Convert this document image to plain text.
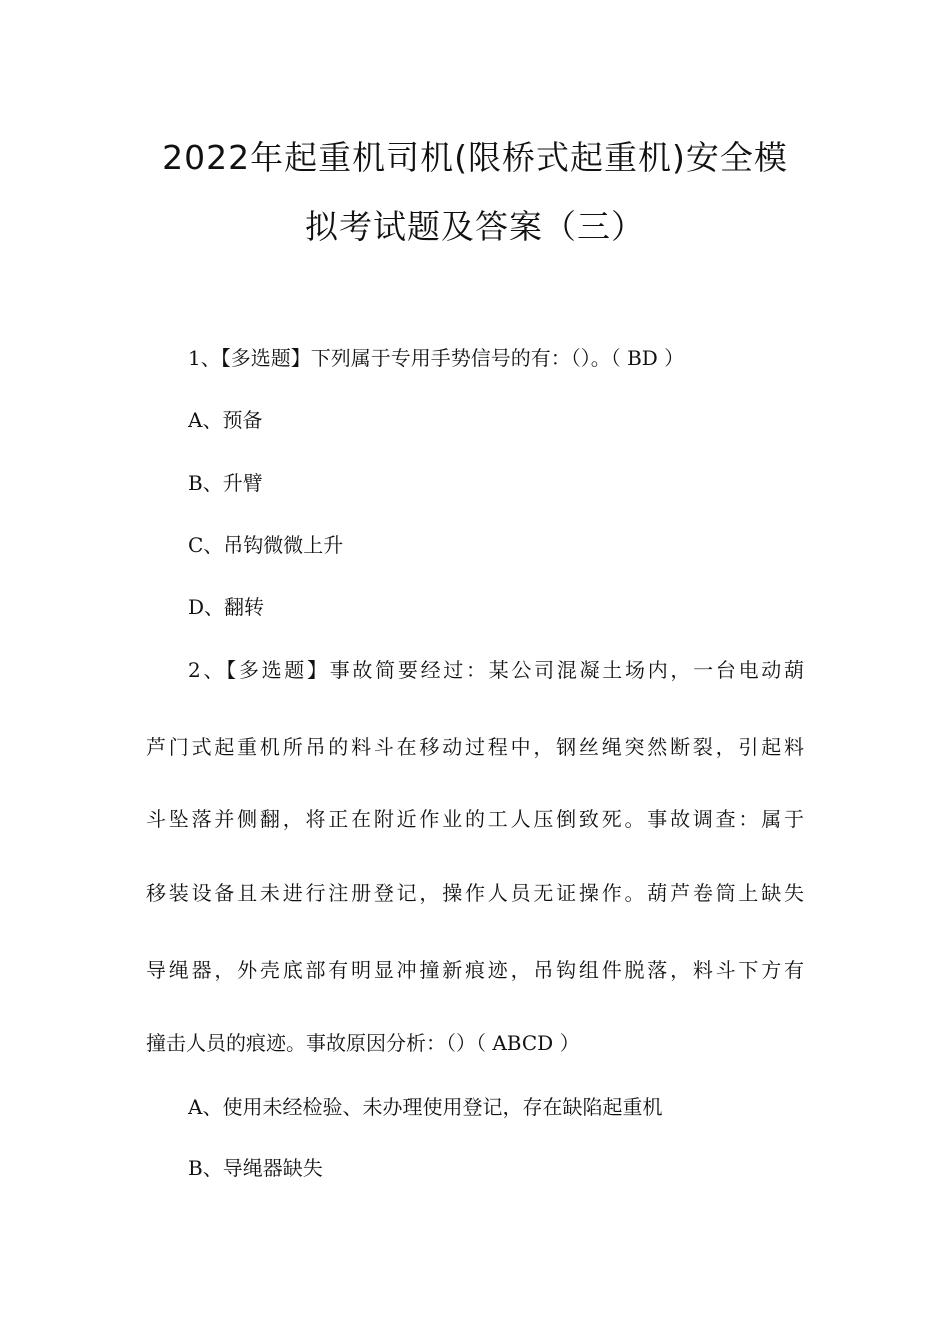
2022年起重机司机(限桥式起重机)安全模
拟考试题及答案（三）
1、【多选题】下列属于专用手势信号的有：（）。（ BD ）
A、预备
B、升臂
C、吊钩微微上升
D、翻转
2、【多选题】事故简要经过：某公司混凝土场内，一台电动葫
芦门式起重机所吊的料斗在移动过程中，钢丝绳突然断裂，引起料
斗坠落并侧翻，将正在附近作业的工人压倒致死。事故调查：属于
移装设备且未进行注册登记，操作人员无证操作。葫芦卷筒上缺失
导绳器，外壳底部有明显冲撞新痕迹，吊钩组件脱落，料斗下方有
撞击人员的痕迹。事故原因分析：（）（ ABCD ）
A、使用未经检验、未办理使用登记，存在缺陷起重机
B、导绳器缺失
